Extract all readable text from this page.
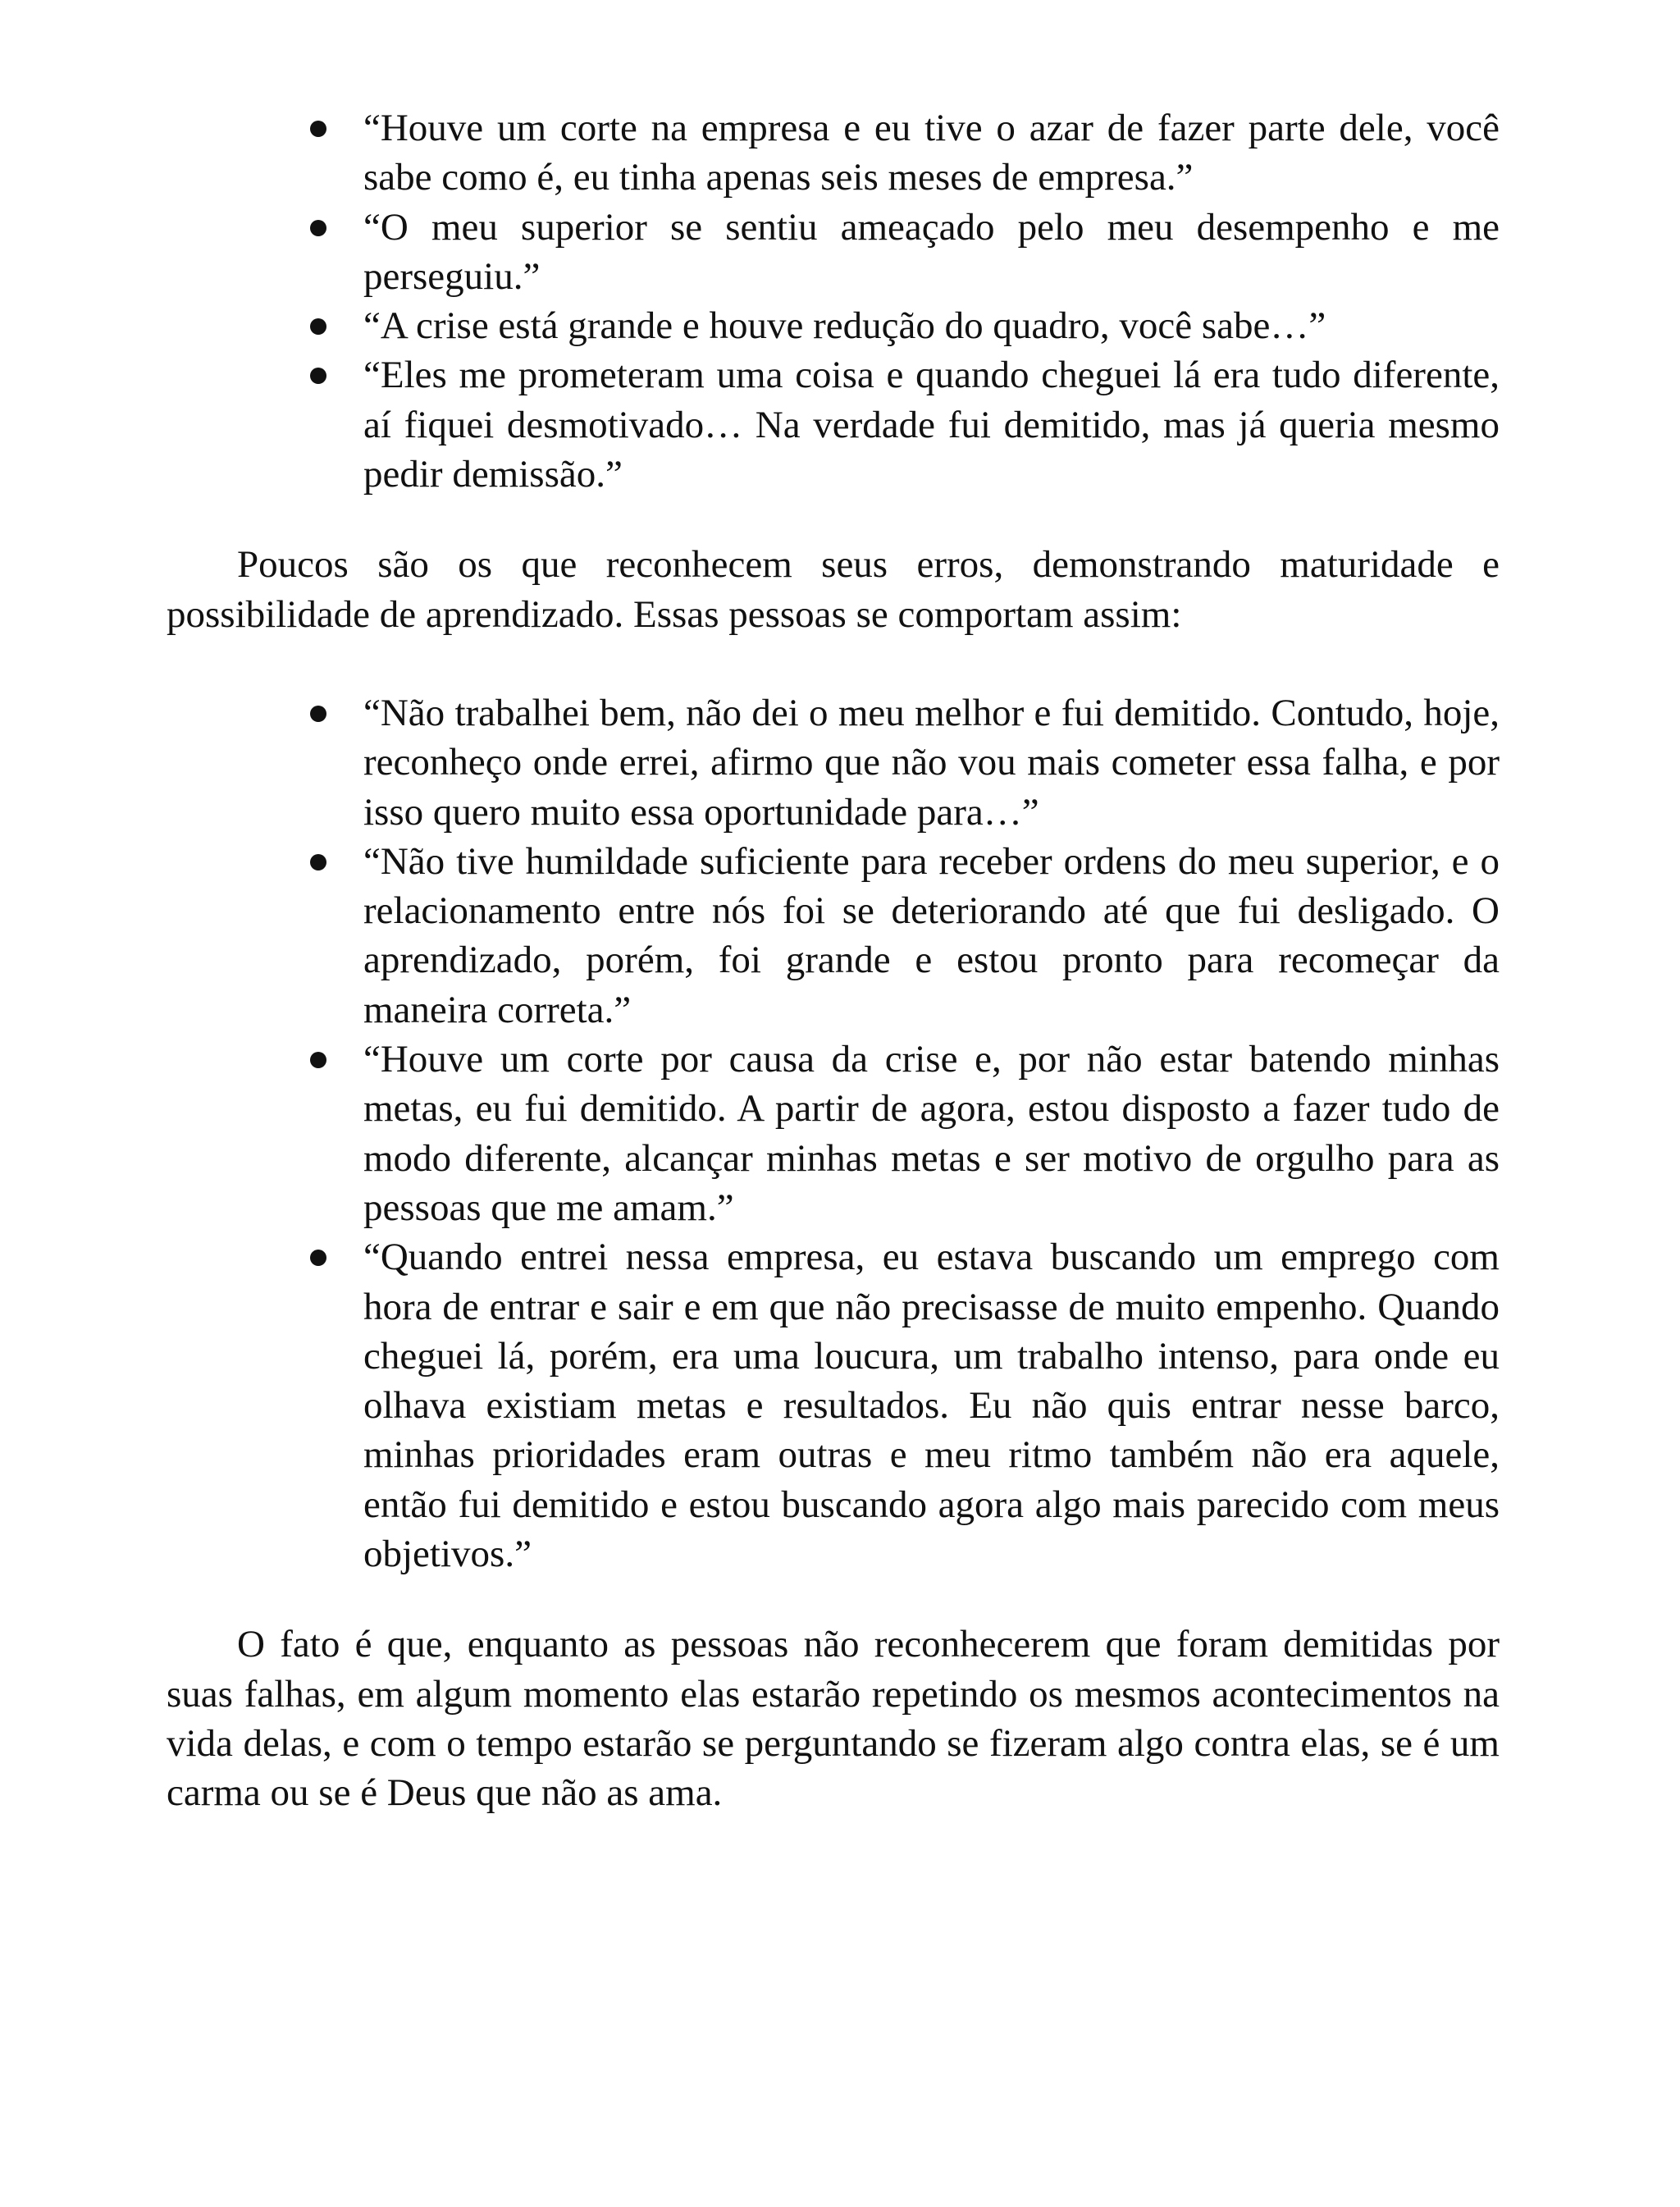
“Houve um corte na empresa e eu tive o azar de fazer parte dele, você sabe como é, eu tinha apenas seis meses de empresa.”
“O meu superior se sentiu ameaçado pelo meu desempenho e me perseguiu.”
“A crise está grande e houve redução do quadro, você sabe…”
“Eles me prometeram uma coisa e quando cheguei lá era tudo diferente, aí fiquei desmotivado… Na verdade fui demitido, mas já queria mesmo pedir demissão.”

Poucos são os que reconhecem seus erros, demonstrando maturidade e possibilidade de aprendizado. Essas pessoas se comportam assim:

“Não trabalhei bem, não dei o meu melhor e fui demitido. Contudo, hoje, reconheço onde errei, afirmo que não vou mais cometer essa falha, e por isso quero muito essa oportunidade para…”
“Não tive humildade suficiente para receber ordens do meu superior, e o relacionamento entre nós foi se deteriorando até que fui desligado. O aprendizado, porém, foi grande e estou pronto para recomeçar da maneira correta.”
“Houve um corte por causa da crise e, por não estar batendo minhas metas, eu fui demitido. A partir de agora, estou disposto a fazer tudo de modo diferente, alcançar minhas metas e ser motivo de orgulho para as pessoas que me amam.”
“Quando entrei nessa empresa, eu estava buscando um emprego com hora de entrar e sair e em que não precisasse de muito empenho. Quando cheguei lá, porém, era uma loucura, um trabalho intenso, para onde eu olhava existiam metas e resultados. Eu não quis entrar nesse barco, minhas prioridades eram outras e meu ritmo também não era aquele, então fui demitido e estou buscando agora algo mais parecido com meus objetivos.”

O fato é que, enquanto as pessoas não reconhecerem que foram demitidas por suas falhas, em algum momento elas estarão repetindo os mesmos acontecimentos na vida delas, e com o tempo estarão se perguntando se fizeram algo contra elas, se é um carma ou se é Deus que não as ama.
